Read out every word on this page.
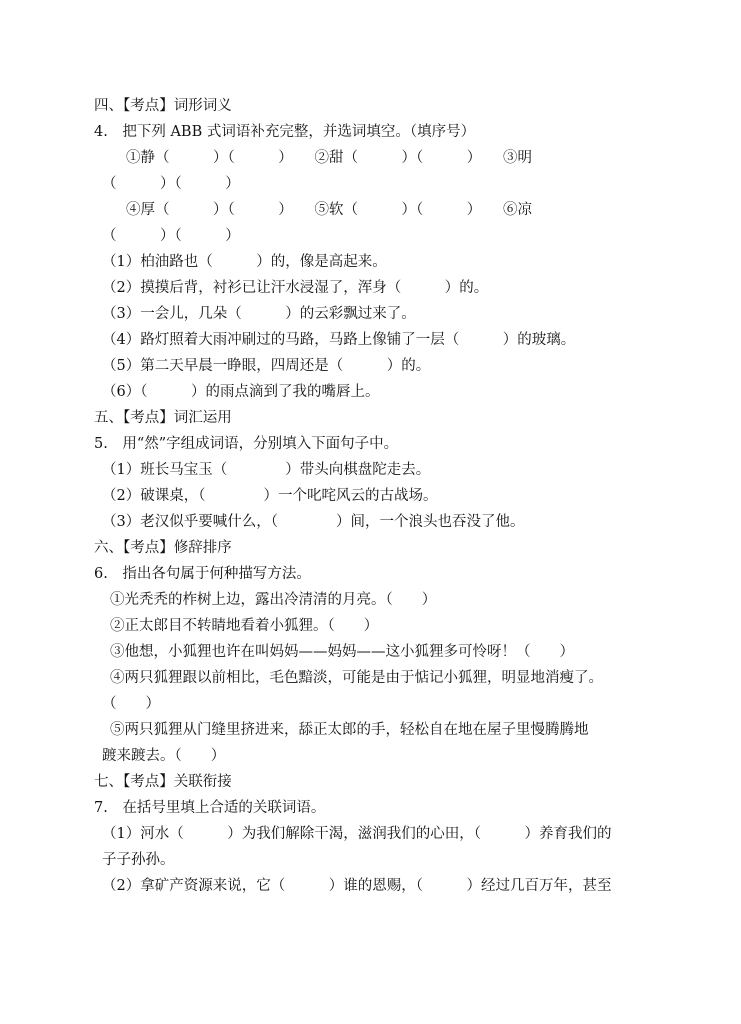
四、【考点】词形词义

4.　把下列 ABB 式词语补充完整，并选词填空。（填序号）

①静（　　　）（　　　）　　②甜（　　　）（　　　）　　③明

（　　　）（　　　）

④厚（　　　）（　　　）　　⑤软（　　　）（　　　）　　⑥凉

（　　　）（　　　）

（1）柏油路也（　　　）的，像是高起来。

（2）摸摸后背，衬衫已让汗水浸湿了，浑身（　　　）的。

（3）一会儿，几朵（　　　）的云彩飘过来了。

（4）路灯照着大雨冲刷过的马路，马路上像铺了一层（　　　）的玻璃。

（5）第二天早晨一睁眼，四周还是（　　　）的。

（6）（　　　）的雨点滴到了我的嘴唇上。

五、【考点】词汇运用

5.　用“然”字组成词语，分别填入下面句子中。

（1）班长马宝玉（　　　　）带头向棋盘陀走去。

（2）破课桌，（　　　　）一个叱咤风云的古战场。

（3）老汉似乎要喊什么，（　　　　）间，一个浪头也吞没了他。

六、【考点】修辞排序

6.　指出各句属于何种描写方法。

①光秃秃的柞树上边，露出冷清清的月亮。（　　）

②正太郎目不转睛地看着小狐狸。（　　）

③他想，小狐狸也许在叫妈妈——妈妈——这小狐狸多可怜呀！（　　）

④两只狐狸跟以前相比，毛色黯淡，可能是由于惦记小狐狸，明显地消瘦了。

（　　）

⑤两只狐狸从门缝里挤进来，舔正太郎的手，轻松自在地在屋子里慢腾腾地

踱来踱去。（　　）

七、【考点】关联衔接

7.　在括号里填上合适的关联词语。

（1）河水（　　　）为我们解除干渴，滋润我们的心田，（　　　）养育我们的

子子孙孙。

（2）拿矿产资源来说，它（　　　）谁的恩赐，（　　　）经过几百万年，甚至
